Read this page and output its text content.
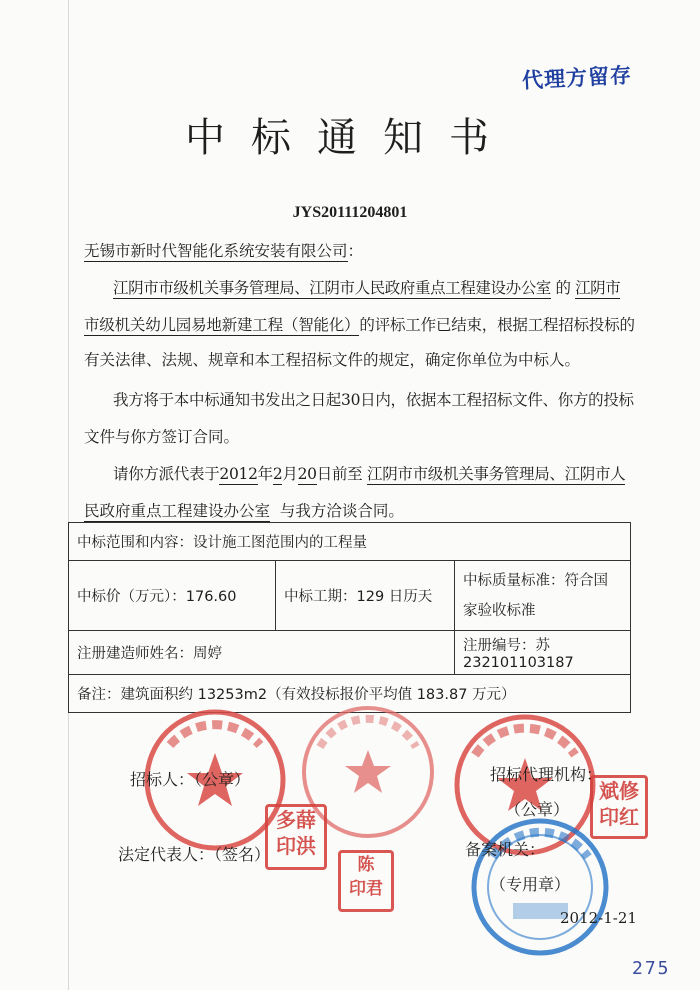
代理方留存
中标通知书
JYS20111204801
无锡市新时代智能化系统安装有限公司：
江阴市市级机关事务管理局、江阴市人民政府重点工程建设办公室 的 江阴市
市级机关幼儿园易地新建工程（智能化）的评标工作已结束，根据工程招标投标的
有关法律、法规、规章和本工程招标文件的规定，确定你单位为中标人。
我方将于本中标通知书发出之日起30日内，依据本工程招标文件、你方的投标
文件与你方签订合同。
请你方派代表于2012年2月20日前至 江阴市市级机关事务管理局、江阴市人
民政府重点工程建设办公室 与我方洽谈合同。
中标范围和内容：设计施工图范围内的工程量		
中标价（万元）：176.60	中标工期：129 日历天	中标质量标准：符合国家验收标准
注册建造师姓名：周婷		注册编号：苏 232101103187
备注：建筑面积约 13253m2（有效投标报价平均值 183.87 万元）		
多薛
印洪
陈
印君
斌修
印红
招标人：（公章）	招标代理机构：
（公章）
法定代表人：（签名）	备案机关：
（专用章）
2012-1-21
275
